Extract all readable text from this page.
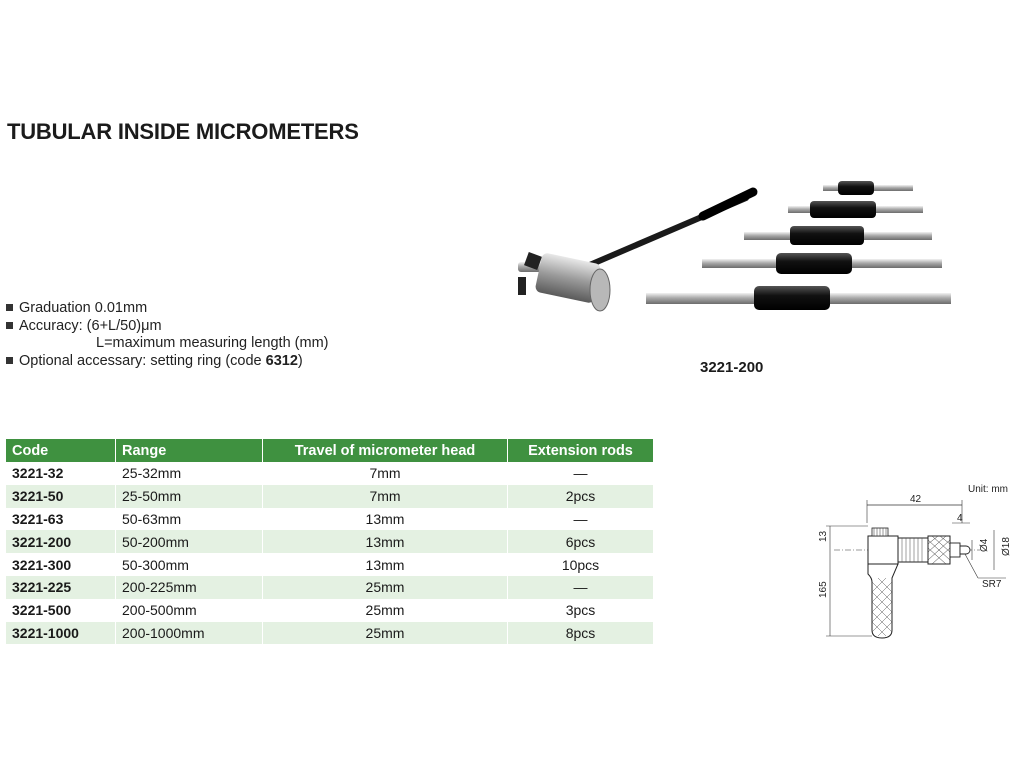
TUBULAR INSIDE MICROMETERS
Graduation 0.01mm
Accuracy: (6+L/50)μm
L=maximum measuring length (mm)
Optional accessary: setting ring (code 6312)	3221-200
Code	Range	Travel of micrometer head	Extension rods
3221-32	25-32mm	7mm	—
3221-50	25-50mm	7mm	2pcs
3221-63	50-63mm	13mm	—
3221-200	50-200mm	13mm	6pcs
3221-300	50-300mm	13mm	10pcs
3221-225	200-225mm	25mm	—
3221-500	200-500mm	25mm	3pcs
3221-1000	200-1000mm	25mm	8pcs
Unit: mm
42
4
13
165
Ø4 Ø18
SR7
